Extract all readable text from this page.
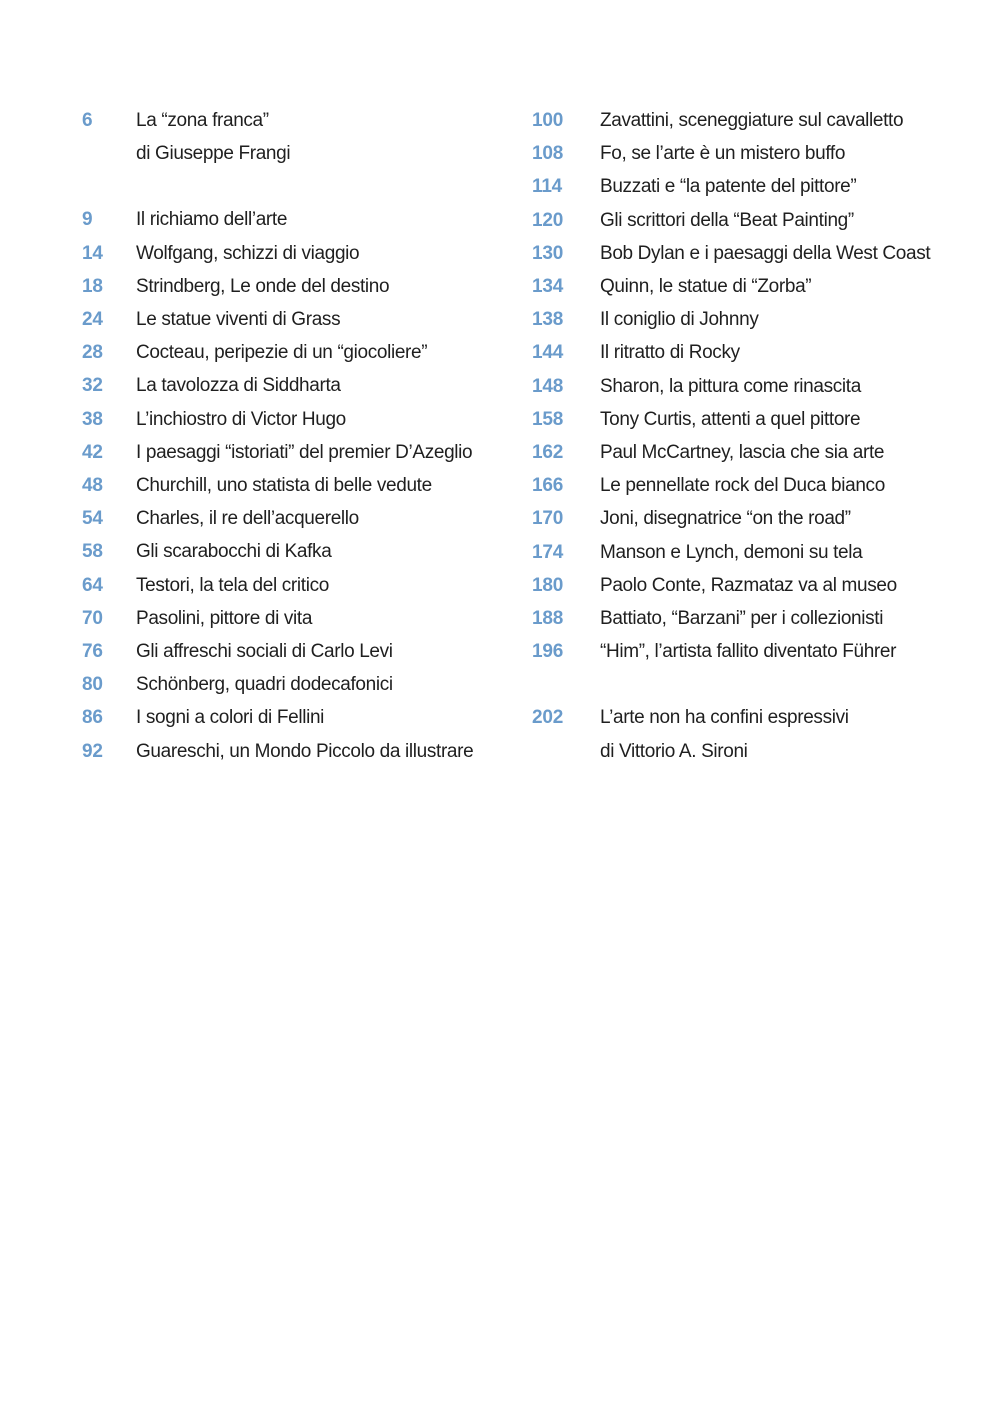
6	La “zona franca”
di Giuseppe Frangi
9	Il richiamo dell’arte
14	Wolfgang, schizzi di viaggio
18	Strindberg, Le onde del destino
24	Le statue viventi di Grass
28	Cocteau, peripezie di un “giocoliere”
32	La tavolozza di Siddharta
38	L’inchiostro di Victor Hugo
42	I paesaggi “istoriati” del premier D’Azeglio
48	Churchill, uno statista di belle vedute
54	Charles, il re dell’acquerello
58	Gli scarabocchi di Kafka
64	Testori, la tela del critico
70	Pasolini, pittore di vita
76	Gli affreschi sociali di Carlo Levi
80	Schönberg, quadri dodecafonici
86	I sogni a colori di Fellini
92	Guareschi, un Mondo Piccolo da illustrare
100	Zavattini, sceneggiature sul cavalletto
108	Fo, se l’arte è un mistero buffo
114	Buzzati e “la patente del pittore”
120	Gli scrittori della “Beat Painting”
130	Bob Dylan e i paesaggi della West Coast
134	Quinn, le statue di “Zorba”
138	Il coniglio di Johnny
144	Il ritratto di Rocky
148	Sharon, la pittura come rinascita
158	Tony Curtis, attenti a quel pittore
162	Paul McCartney, lascia che sia arte
166	Le pennellate rock del Duca bianco
170	Joni, disegnatrice “on the road”
174	Manson e Lynch, demoni su tela
180	Paolo Conte, Razmataz va al museo
188	Battiato, “Barzani” per i collezionisti
196	“Him”, l’artista fallito diventato Führer
202	L’arte non ha confini espressivi
di Vittorio A. Sironi
